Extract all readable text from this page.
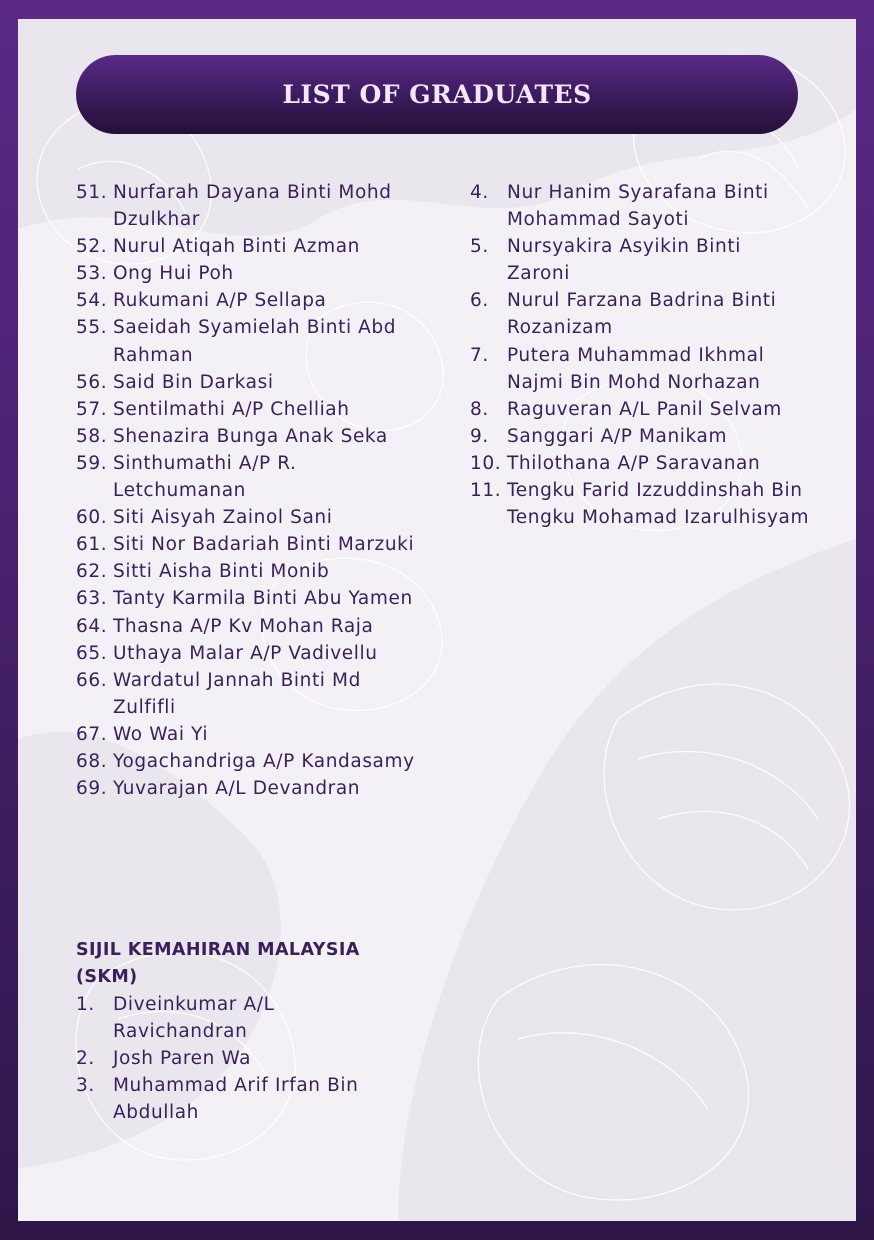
LIST OF GRADUATES
51. Nurfarah Dayana Binti Mohd Dzulkhar
52. Nurul Atiqah Binti Azman
53. Ong Hui Poh
54. Rukumani A/P Sellapa
55. Saeidah Syamielah Binti Abd Rahman
56. Said Bin Darkasi
57. Sentilmathi A/P Chelliah
58. Shenazira Bunga Anak Seka
59. Sinthumathi A/P R. Letchumanan
60. Siti Aisyah Zainol Sani
61. Siti Nor Badariah Binti Marzuki
62. Sitti Aisha Binti Monib
63. Tanty Karmila Binti Abu Yamen
64. Thasna A/P Kv Mohan Raja
65. Uthaya Malar A/P Vadivellu
66. Wardatul Jannah Binti Md Zulfifli
67. Wo Wai Yi
68. Yogachandriga A/P Kandasamy
69. Yuvarajan A/L Devandran
SIJIL KEMAHIRAN MALAYSIA (SKM)
1. Diveinkumar A/L Ravichandran
2. Josh Paren Wa
3. Muhammad Arif Irfan Bin Abdullah
4. Nur Hanim Syarafana Binti Mohammad Sayoti
5. Nursyakira Asyikin Binti Zaroni
6. Nurul Farzana Badrina Binti Rozanizam
7. Putera Muhammad Ikhmal Najmi Bin Mohd Norhazan
8. Raguveran A/L Panil Selvam
9. Sanggari A/P Manikam
10. Thilothana A/P Saravanan
11. Tengku Farid Izzuddinshah Bin Tengku Mohamad Izarulhisyam
